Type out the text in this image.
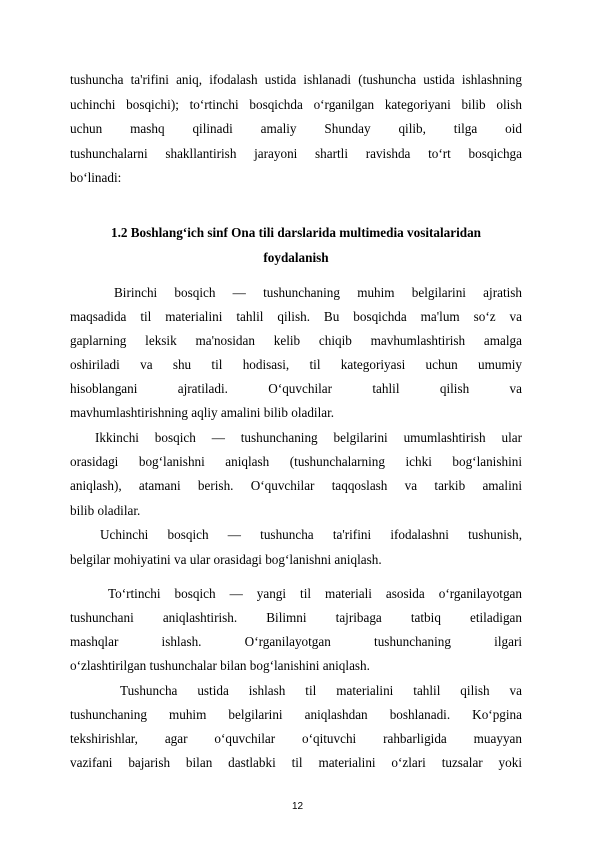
tushuncha ta'rifini aniq, ifodalash ustida ishlanadi (tushuncha ustida ishlashning
uchinchi bosqichi); to‘rtinchi bosqichda o‘rganilgan kategoriyani bilib olish
uchun mashq qilinadi amaliy Shunday qilib, tilga oid
tushunchalarni shakllantirish jarayoni shartli ravishda to‘rt bosqichga
bo‘linadi:
1.2 Boshlang‘ich sinf Ona tili darslarida multimedia vositalaridan
foydalanish
Birinchi bosqich — tushunchaning muhim belgilarini ajratish
maqsadida til materialini tahlil qilish. Bu bosqichda ma'lum so‘z va
gaplarning leksik ma'nosidan kelib chiqib mavhumlashtirish amalga
oshiriladi va shu til hodisasi, til kategoriyasi uchun umumiy
hisoblangani ajratiladi. O‘quvchilar tahlil qilish va
mavhumlashtirishning aqliy amalini bilib oladilar.
Ikkinchi bosqich — tushunchaning belgilarini umumlashtirish ular
orasidagi bog‘lanishni aniqlash (tushunchalarning ichki bog‘lanishini
aniqlash), atamani berish. O‘quvchilar taqqoslash va tarkib amalini
bilib oladilar.
Uchinchi bosqich — tushuncha ta'rifini ifodalashni tushunish,
belgilar mohiyatini va ular orasidagi bog‘lanishni aniqlash.
To‘rtinchi bosqich — yangi til materiali asosida o‘rganilayotgan
tushunchani aniqlashtirish. Bilimni tajribaga tatbiq etiladigan
mashqlar ishlash. O‘rganilayotgan tushunchaning ilgari
o‘zlashtirilgan tushunchalar bilan bog‘lanishini aniqlash.
Tushuncha ustida ishlash til materialini tahlil qilish va
tushunchaning muhim belgilarini aniqlashdan boshlanadi. Ko‘pgina
tekshirishlar, agar o‘quvchilar o‘qituvchi rahbarligida muayyan
vazifani bajarish bilan dastlabki til materialini o‘zlari tuzsalar yoki
12
